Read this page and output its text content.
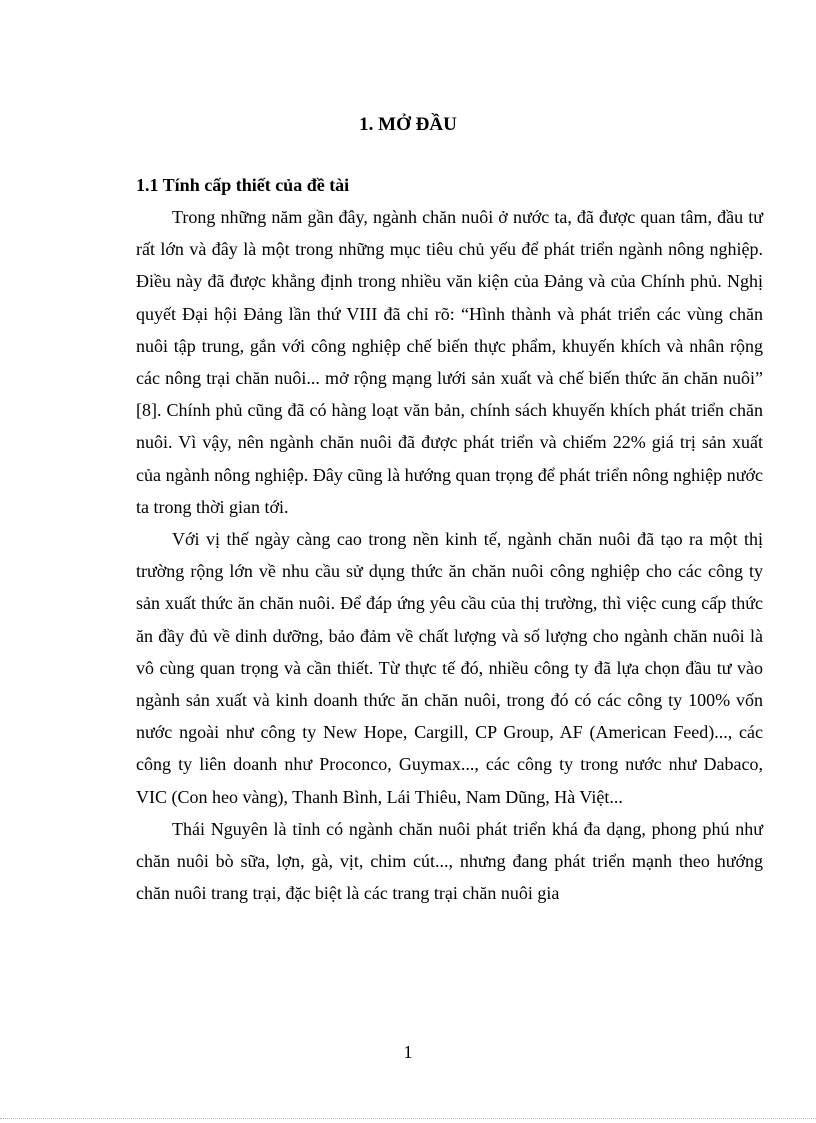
1. MỞ ĐẦU
1.1 Tính cấp thiết của đề tài

Trong những năm gần đây, ngành chăn nuôi ở nước ta, đã được quan tâm, đầu tư rất lớn và đây là một trong những mục tiêu chủ yếu để phát triển ngành nông nghiệp. Điều này đã được khẳng định trong nhiều văn kiện của Đảng và của Chính phủ. Nghị quyết Đại hội Đảng lần thứ VIII đã chỉ rõ: “Hình thành và phát triển các vùng chăn nuôi tập trung, gắn với công nghiệp chế biến thực phẩm, khuyến khích và nhân rộng các nông trại chăn nuôi... mở rộng mạng lưới sản xuất và chế biến thức ăn chăn nuôi” [8]. Chính phủ cũng đã có hàng loạt văn bản, chính sách khuyến khích phát triển chăn nuôi. Vì vậy, nên ngành chăn nuôi đã được phát triển và chiếm 22% giá trị sản xuất của ngành nông nghiệp. Đây cũng là hướng quan trọng để phát triển nông nghiệp nước ta trong thời gian tới.

Với vị thế ngày càng cao trong nền kinh tế, ngành chăn nuôi đã tạo ra một thị trường rộng lớn về nhu cầu sử dụng thức ăn chăn nuôi công nghiệp cho các công ty sản xuất thức ăn chăn nuôi. Để đáp ứng yêu cầu của thị trường, thì việc cung cấp thức ăn đầy đủ về dinh dưỡng, bảo đảm về chất lượng và số lượng cho ngành chăn nuôi là vô cùng quan trọng và cần thiết. Từ thực tế đó, nhiều công ty đã lựa chọn đầu tư vào ngành sản xuất và kinh doanh thức ăn chăn nuôi, trong đó có các công ty 100% vốn nước ngoài như công ty New Hope, Cargill, CP Group, AF (American Feed)..., các công ty liên doanh như Proconco, Guymax..., các công ty trong nước như Dabaco, VIC (Con heo vàng), Thanh Bình, Lái Thiêu, Nam Dũng, Hà Việt...

Thái Nguyên là tỉnh có ngành chăn nuôi phát triển khá đa dạng, phong phú như chăn nuôi bò sữa, lợn, gà, vịt, chim cút..., nhưng đang phát triển mạnh theo hướng chăn nuôi trang trại, đặc biệt là các trang trại chăn nuôi gia

1
